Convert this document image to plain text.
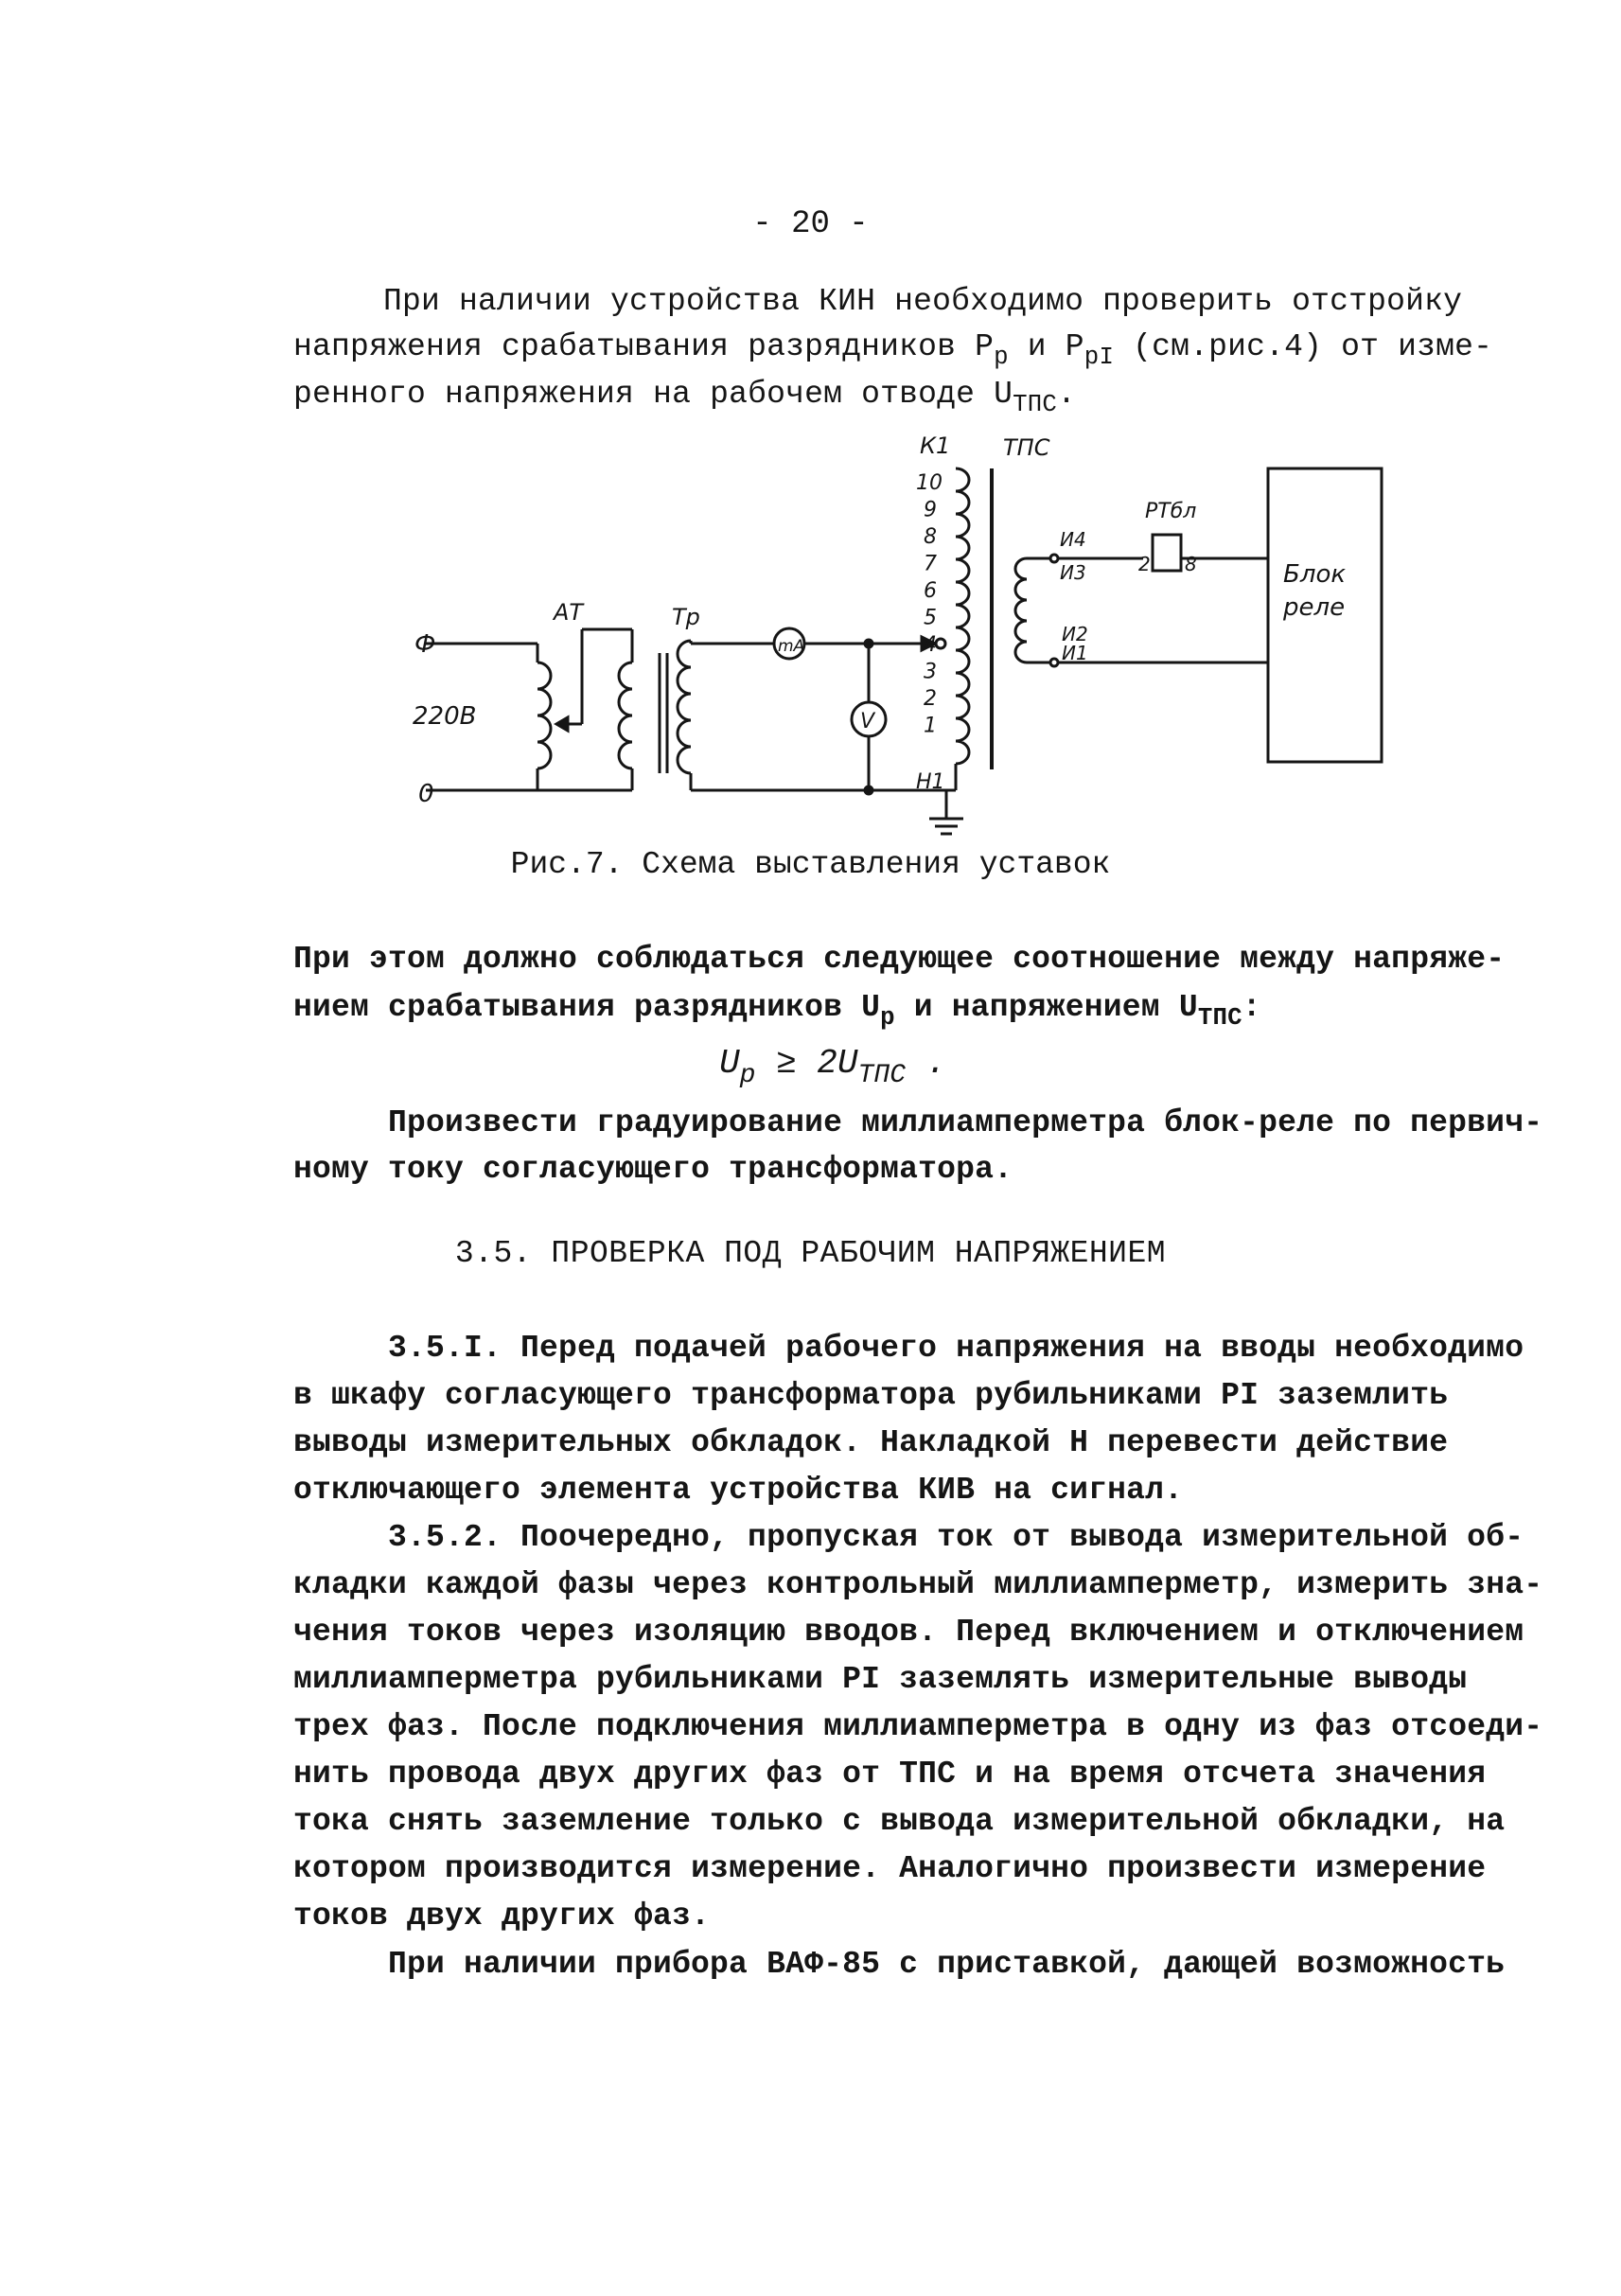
- 20 -
При наличии устройства КИН необходимо проверить отстройку
напряжения срабатывания разрядников $P_p$ и $P_{pI}$ (см.рис.4) от изме-
ренного напряжения на рабочем отводе $U_{ТПС}$.
Ф
220В
0
АТ	Тр
mA
V
10
9
8
7
6
5
4
3
2
1
Н1
К1 ТПС
И4
И3
И2
И1
2 8
РТбл
Блок
реле
Рис.7. Схема выставления уставок
При этом должно соблюдаться следующее соотношение между напряже-
нием срабатывания разрядников $U_p$ и напряжением $U_{ТПС}$:
$U_p \ge 2U_{ТПС}$ .
Произвести градуирование миллиамперметра блок-реле по первич-
ному току согласующего трансформатора.
3.5. ПРОВЕРКА ПОД РАБОЧИМ НАПРЯЖЕНИЕМ
3.5.I. Перед подачей рабочего напряжения на вводы необходимо
в шкафу согласующего трансформатора рубильниками PI заземлить
выводы измерительных обкладок. Накладкой Н перевести действие
отключающего элемента устройства КИВ на сигнал.
3.5.2. Поочередно, пропуская ток от вывода измерительной об-
кладки каждой фазы через контрольный миллиамперметр, измерить зна-
чения токов через изоляцию вводов. Перед включением и отключением
миллиамперметра рубильниками PI заземлять измерительные выводы
трех фаз. После подключения миллиамперметра в одну из фаз отсоеди-
нить провода двух других фаз от ТПС и на время отсчета значения
тока снять заземление только с вывода измерительной обкладки, на
котором производится измерение. Аналогично произвести измерение
токов двух других фаз.
При наличии прибора ВАФ-85 с приставкой, дающей возможность
